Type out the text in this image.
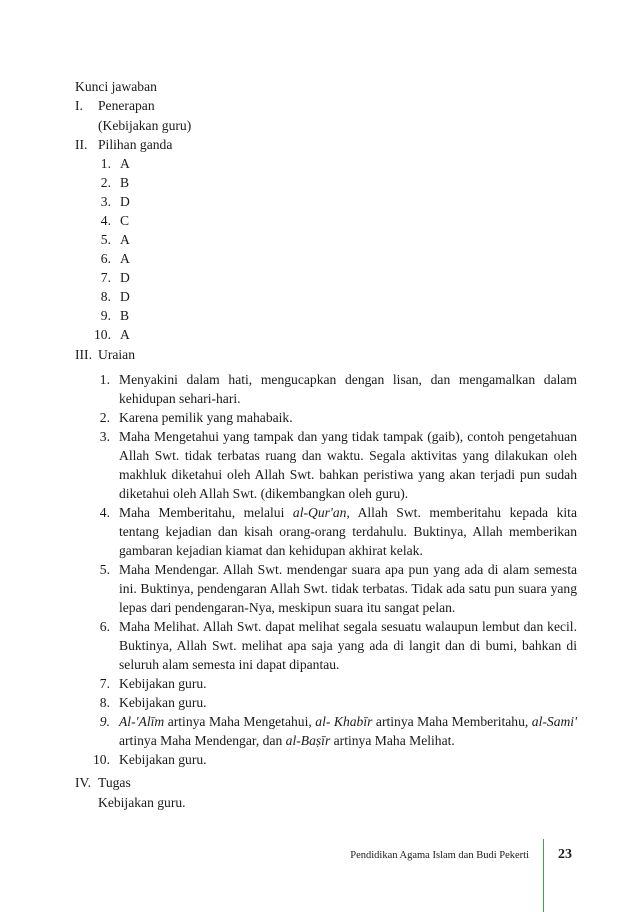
Kunci jawaban
I.	Penerapan
(Kebijakan guru)
II. Pilihan ganda
1. A
2. B
3. D
4. C
5. A
6. A
7. D
8. D
9. B
10. A
III. Uraian
1. Menyakini dalam hati, mengucapkan dengan lisan, dan mengamalkan dalam kehidupan sehari-hari.
2. Karena pemilik yang mahabaik.
3. Maha Mengetahui yang tampak dan yang tidak tampak (gaib), contoh pengetahuan Allah Swt. tidak terbatas ruang dan waktu. Segala aktivitas yang dilakukan oleh makhluk diketahui oleh Allah Swt. bahkan peristiwa yang akan terjadi pun sudah diketahui oleh Allah Swt. (dikembangkan oleh guru).
4. Maha Memberitahu, melalui al-Qur'an, Allah Swt. memberitahu kepada kita tentang kejadian dan kisah orang-orang terdahulu. Buktinya, Allah memberikan gambaran kejadian kiamat dan kehidupan akhirat kelak.
5. Maha Mendengar. Allah Swt. mendengar suara apa pun yang ada di alam semesta ini. Buktinya, pendengaran Allah Swt. tidak terbatas. Tidak ada satu pun suara yang lepas dari pendengaran-Nya, meskipun suara itu sangat pelan.
6. Maha Melihat. Allah Swt. dapat melihat segala sesuatu walaupun lembut dan kecil. Buktinya, Allah Swt. melihat apa saja yang ada di langit dan di bumi, bahkan di seluruh alam semesta ini dapat dipantau.
7. Kebijakan guru.
8. Kebijakan guru.
9. Al-'Alīm artinya Maha Mengetahui, al- Khabīr artinya Maha Memberitahu, al-Sami' artinya Maha Mendengar, dan al-Baṣīr artinya Maha Melihat.
10. Kebijakan guru.
IV. Tugas
Kebijakan guru.
Pendidikan Agama Islam dan Budi Pekerti 23
